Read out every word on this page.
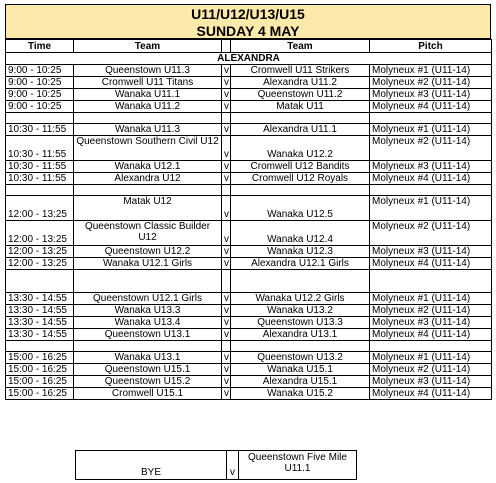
U11/U12/U13/U15
SUNDAY 4 MAY
Time	Team		Team	Pitch
ALEXANDRA				
9:00 - 10:25	Queenstown U11.3	v	Cromwell U11 Strikers	Molyneux #1 (U11-14)
9:00 - 10:25	Cromwell U11 Titans	v	Alexandra U11.2	Molyneux #2 (U11-14)
9:00 - 10:25	Wanaka U11.1	v	Queenstown U11.2	Molyneux #3 (U11-14)
9:00 - 10:25	Wanaka U11.2	v	Matak U11	Molyneux #4 (U11-14)

10:30 - 11:55	Wanaka U11.3	v	Alexandra U11.1	Molyneux #1 (U11-14)
10:30 - 11:55	Queenstown Southern Civil U12	v	Wanaka U12.2	Molyneux #2 (U11-14)
10:30 - 11:55	Wanaka U12.1	v	Cromwell U12 Bandits	Molyneux #3 (U11-14)
10:30 - 11:55	Alexandra U12	v	Cromwell U12 Royals	Molyneux #4 (U11-14)

12:00 - 13:25	Matak U12	v	Wanaka U12.5	Molyneux #1 (U11-14)
12:00 - 13:25	Queenstown Classic Builder U12	v	Wanaka U12.4	Molyneux #2 (U11-14)
12:00 - 13:25	Queenstown U12.2	v	Wanaka U12.3	Molyneux #3 (U11-14)
12:00 - 13:25	Wanaka U12.1 Girls	v	Alexandra U12.1 Girls	Molyneux #4 (U11-14)

13:30 - 14:55	Queenstown U12.1 Girls	v	Wanaka U12.2 Girls	Molyneux #1 (U11-14)
13:30 - 14:55	Wanaka U13.3	v	Wanaka U13.2	Molyneux #2 (U11-14)
13:30 - 14:55	Wanaka U13.4	v	Queenstown U13.3	Molyneux #3 (U11-14)
13:30 - 14:55	Queenstown U13.1	v	Alexandra U13.1	Molyneux #4 (U11-14)

15:00 - 16:25	Wanaka U13.1	v	Queenstown U13.2	Molyneux #1 (U11-14)
15:00 - 16:25	Queenstown U15.1	v	Wanaka U15.1	Molyneux #2 (U11-14)
15:00 - 16:25	Queenstown U15.2	v	Alexandra U15.1	Molyneux #3 (U11-14)
15:00 - 16:25	Cromwell U15.1	v	Wanaka U15.2	Molyneux #4 (U11-14)
BYE	v	Queenstown Five Mile U11.1
